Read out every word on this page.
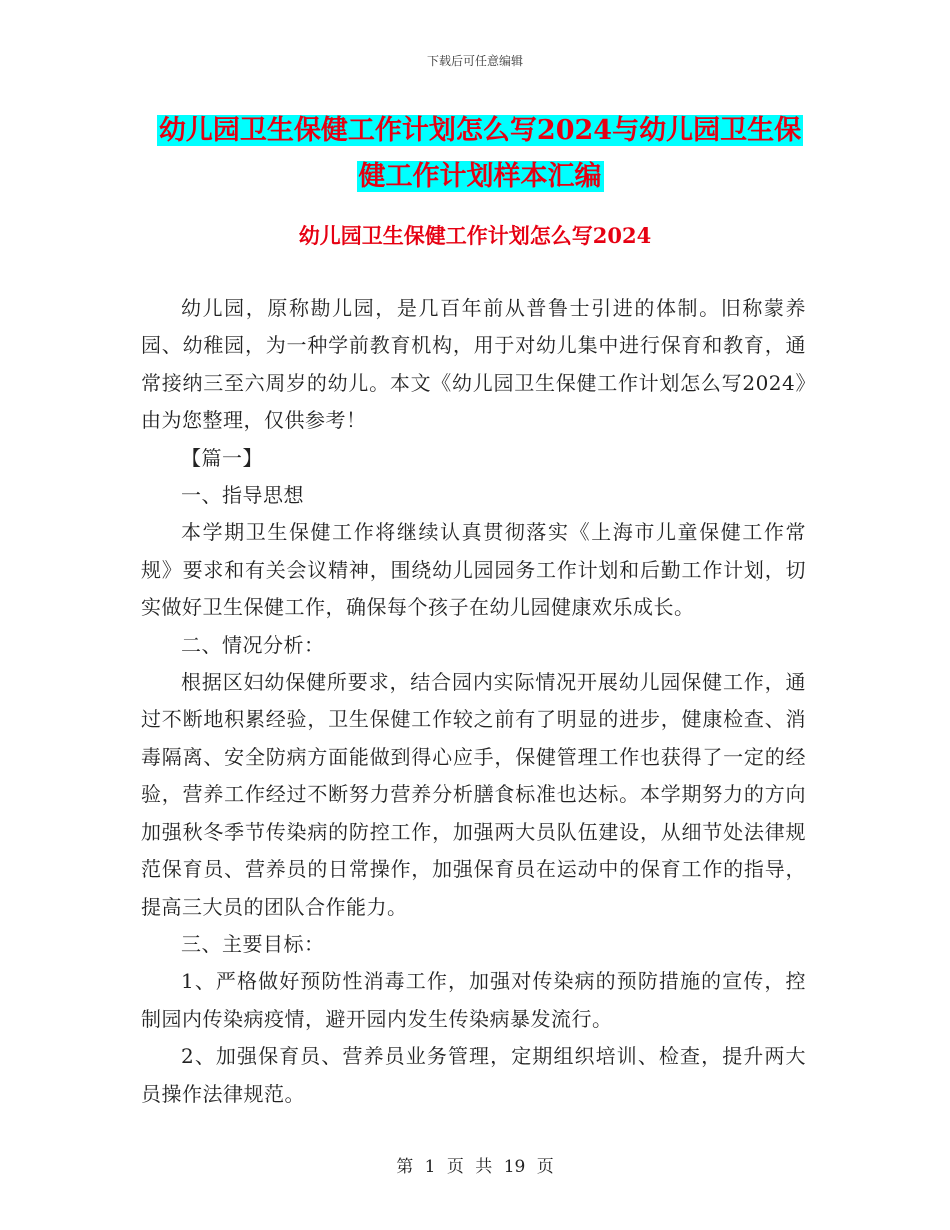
下载后可任意编辑
幼儿园卫生保健工作计划怎么写2024与幼儿园卫生保
健工作计划样本汇编
幼儿园卫生保健工作计划怎么写2024

幼儿园，原称勘儿园，是几百年前从普鲁士引进的体制。旧称蒙养园、幼稚园，为一种学前教育机构，用于对幼儿集中进行保育和教育，通常接纳三至六周岁的幼儿。本文《幼儿园卫生保健工作计划怎么写2024》由为您整理，仅供参考！

【篇一】

一、指导思想

本学期卫生保健工作将继续认真贯彻落实《上海市儿童保健工作常规》要求和有关会议精神，围绕幼儿园园务工作计划和后勤工作计划，切实做好卫生保健工作，确保每个孩子在幼儿园健康欢乐成长。

二、情况分析：

根据区妇幼保健所要求，结合园内实际情况开展幼儿园保健工作，通过不断地积累经验，卫生保健工作较之前有了明显的进步，健康检查、消毒隔离、安全防病方面能做到得心应手，保健管理工作也获得了一定的经验，营养工作经过不断努力营养分析膳食标准也达标。本学期努力的方向加强秋冬季节传染病的防控工作，加强两大员队伍建设，从细节处法律规范保育员、营养员的日常操作，加强保育员在运动中的保育工作的指导，提高三大员的团队合作能力。

三、主要目标：

1、严格做好预防性消毒工作，加强对传染病的预防措施的宣传，控制园内传染病疫情，避开园内发生传染病暴发流行。

2、加强保育员、营养员业务管理，定期组织培训、检查，提升两大员操作法律规范。

第 1 页 共 19 页
